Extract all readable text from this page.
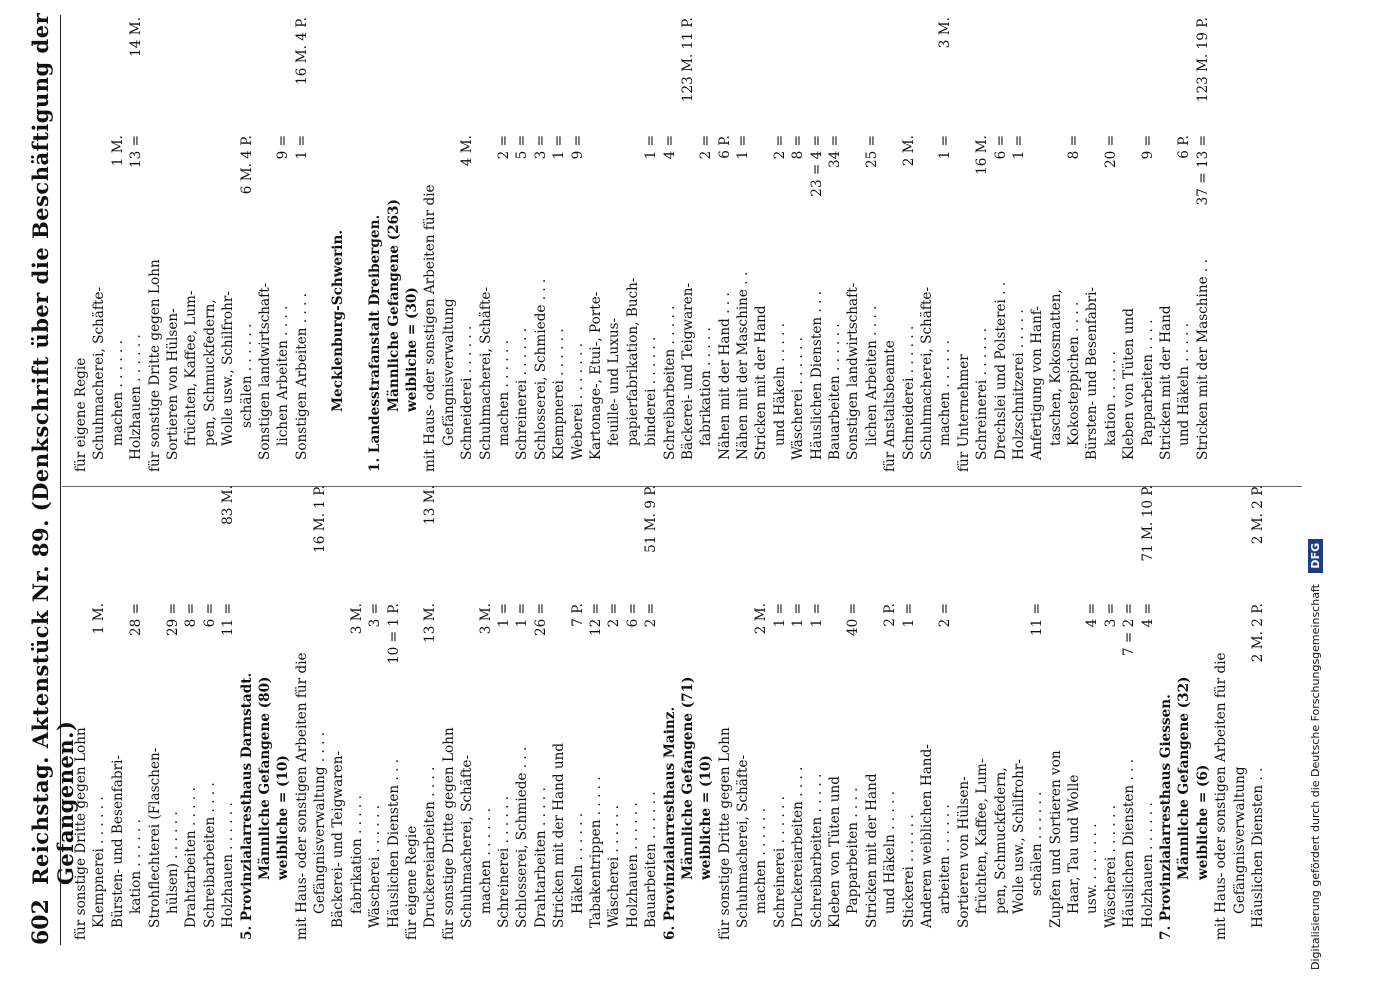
602
Reichstag. Aktenstück Nr. 89. (Denkschrift über die Beschäftigung der Gefangenen.)
für sonstige Dritte gegen Lohn Klempnerei . . . . . .
1 M.
Bürsten- und Besenfabri- kation . . . . . .
28 =
Strohflechterei (Flaschen- hülsen) . . . . . .
29 =
Drahtarbeiten . . . . .
8 =
Schreibarbeiten . . . .
6 =
Holzhauen . . . . . .
11 =
83 M.
5. Provinzialarresthaus Darmstadt. Männliche Gefangene (80) weibliche = (10) mit Haus- oder sonstigen Arbeiten für die Gefängnisverwaltung . . . .
16 M. 1 P.
Bäckerei- und Teigwaren- fabrikation . . . . .
3 M.
Wäscherei . . . . . .
3 =
Häuslichen Diensten . . .
10 = 1 P.
für eigene Regie Druckereiarbeiten . . . .
13 M.
13 M.
für sonstige Dritte gegen Lohn Schuhmacherei, Schäfte- machen . . . . . .
3 M.
Schreinerei . . . . . .
1 =
Schlosserei, Schmiede . . .
1 =
Drahtarbeiten . . . . .
26 =
Stricken mit der Hand und Häkeln . . . . . .
7 P.
Tabakentrippen . . . . .
12 =
Wäscherei . . . . . .
2 =
Holzhauen . . . . . .
6 =
Bauarbeiten . . . . . .
2 =
51 M. 9 P.
6. Provinzialarresthaus Mainz. Männliche Gefangene (71) weibliche = (10) für sonstige Dritte gegen Lohn Schuhmacherei, Schäfte- machen . . . . . .
2 M.
Schreinerei . . . . . .
1 =
Druckereiarbeiten . . . .
1 =
Schreibarbeiten . . . . .
1 =
Kleben von Tüten und Papparbeiten . . . .
40 =
Stricken mit der Hand und Häkeln . . . . .
2 P.
Stickerei . . . . . .
1 =
Anderen weiblichen Hand- arbeiten . . . . . .
2 =
Sortieren von Hülsen- früchten, Kaffee, Lum- pen, Schmuckfedern, Wolle usw., Schilfrohr- schälen . . . . . .
11 =
Zupfen und Sortieren von Haar, Tau und Wolle usw. . . . . . . .
4 =
Wäscherei . . . . . .
3 =
Häuslichen Diensten . . .
7 = 2 =
Holzhauen . . . . . .
4 =
71 M. 10 P.
7. Provinzialarresthaus Giessen. Männliche Gefangene (32) weibliche = (6) mit Haus- oder sonstigen Arbeiten für die Gefängnisverwaltung Häuslichen Diensten . .
2 M. 2 P.
2 M. 2 P.
für eigene Regie Schuhmacherei, Schäfte- machen . . . . . .
1 M.
Holzhauen . . . . . .
13 =
14 M.
für sonstige Dritte gegen Lohn Sortieren von Hülsen- früchten, Kaffee, Lum- pen, Schmuckfedern, Wolle usw., Schilfrohr- schälen . . . . . .
6 M. 4 P.
Sonstigen landwirtschaft- lichen Arbeiten . . . .
9 =
Sonstigen Arbeiten . . . .
1 =
16 M. 4 P.
Mecklenburg-Schwerin. 1. Landesstrafanstalt Dreibergen. Männliche Gefangene (263) weibliche = (30) mit Haus- oder sonstigen Arbeiten für die Gefängnisverwaltung Schneiderei . . . . . .
4 M.
Schuhmacherei, Schäfte- machen . . . . . .
2 =
Schreinerei . . . . . .
5 =
Schlosserei, Schmiede . . .
3 =
Klempnerei . . . . . .
1 =
Weberei . . . . . . .
9 =
Kartonage-, Etui-, Porte- feuille- und Luxus- papierfabrikation, Buch- binderei . . . . . .
1 =
Schreibarbeiten . . . . .
4 =
Bäckerei- und Teigwaren-
123 M. 11 P.
fabrikation . . . . .
2 =
Nähen mit der Hand . . .
6 P.
Nähen mit der Maschine . .
1 =
Stricken mit der Hand und Häkeln . . . . .
2 =
Wäscherei . . . . . .
8 =
Häuslichen Diensten . . .
23 = 4 =
Bauarbeiten . . . . . .
34 =
Sonstigen landwirtschaft- lichen Arbeiten . . . .
25 =
für Anstaltsbeamte Schneiderei . . . . . .
2 M.
Schuhmacherei, Schäfte- machen . . . . . .
1 =
3 M.
für Unternehmer Schreinerei . . . . . .
16 M.
Drechslei und Polsterei . .
6 =
Holzschnitzerei . . . . .
1 =
Anfertigung von Hanf- taschen, Kokosmatten, Kokosteppichen . . . .
8 =
Bürsten- und Besenfabri- kation . . . . . .
20 =
Kleben von Tüten und Papparbeiten . . . .
9 =
Stricken mit der Hand und Häkeln . . . . .
6 P.
Stricken mit der Maschine . .
37 = 13 =
123 M. 19 P.
Digitalisierung gefördert durch die Deutsche Forschungsgemeinschaft DFG
